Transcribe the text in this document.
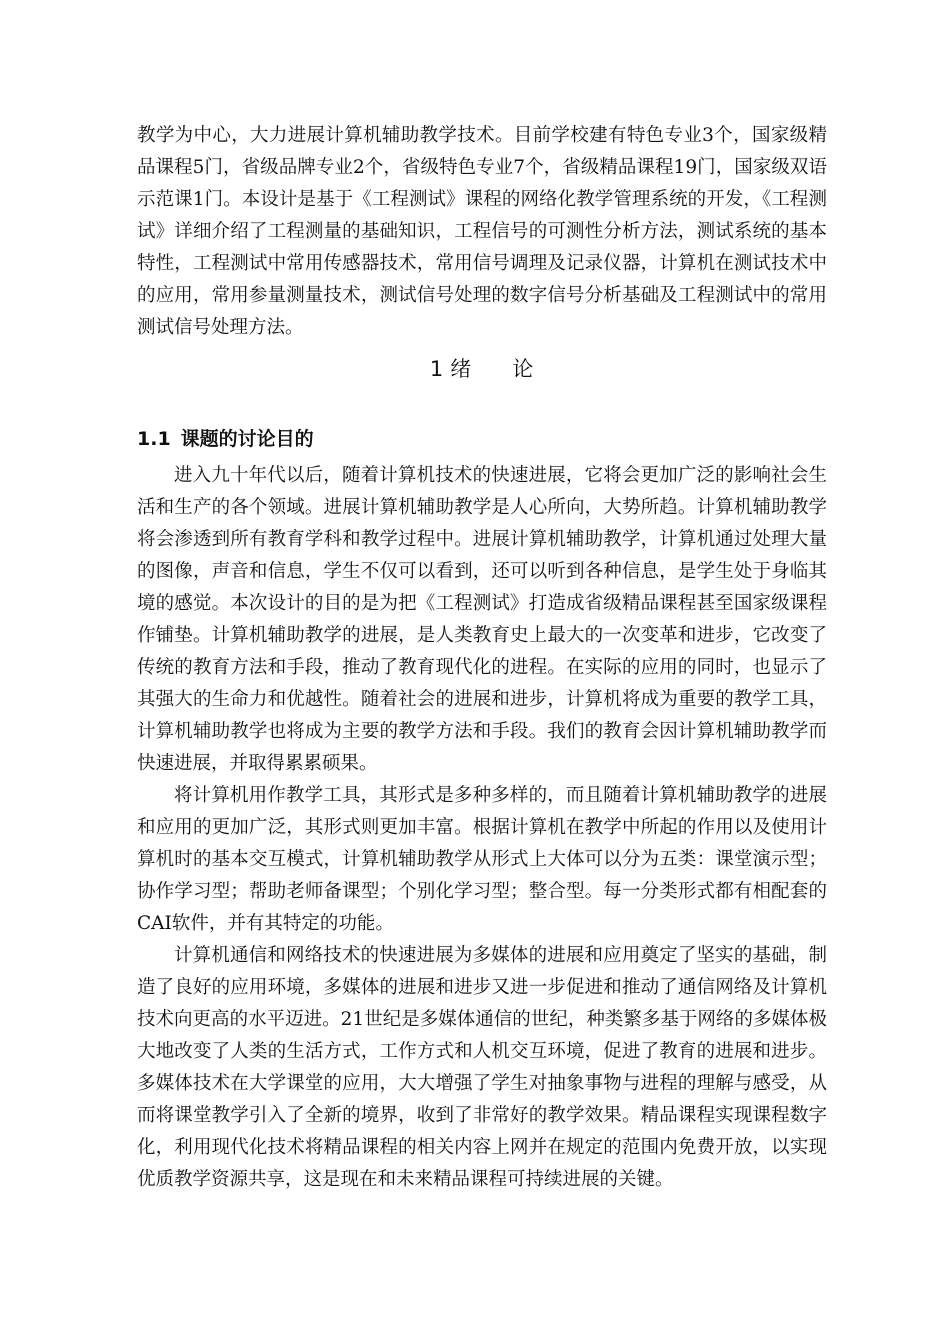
教学为中心，大力进展计算机辅助教学技术。目前学校建有特色专业3个，国家级精品课程5门，省级品牌专业2个，省级特色专业7个，省级精品课程19门，国家级双语示范课1门。本设计是基于《工程测试》课程的网络化教学管理系统的开发，《工程测试》详细介绍了工程测量的基础知识，工程信号的可测性分析方法，测试系统的基本特性，工程测试中常用传感器技术，常用信号调理及记录仪器，计算机在测试技术中的应用，常用参量测量技术，测试信号处理的数字信号分析基础及工程测试中的常用测试信号处理方法。

1 绪 论
1.1 课题的讨论目的

进入九十年代以后，随着计算机技术的快速进展，它将会更加广泛的影响社会生活和生产的各个领域。进展计算机辅助教学是人心所向，大势所趋。计算机辅助教学将会渗透到所有教育学科和教学过程中。进展计算机辅助教学，计算机通过处理大量的图像，声音和信息，学生不仅可以看到，还可以听到各种信息，是学生处于身临其境的感觉。本次设计的目的是为把《工程测试》打造成省级精品课程甚至国家级课程作铺垫。计算机辅助教学的进展，是人类教育史上最大的一次变革和进步，它改变了传统的教育方法和手段，推动了教育现代化的进程。在实际的应用的同时，也显示了其强大的生命力和优越性。随着社会的进展和进步，计算机将成为重要的教学工具，计算机辅助教学也将成为主要的教学方法和手段。我们的教育会因计算机辅助教学而快速进展，并取得累累硕果。

将计算机用作教学工具，其形式是多种多样的，而且随着计算机辅助教学的进展和应用的更加广泛，其形式则更加丰富。根据计算机在教学中所起的作用以及使用计算机时的基本交互模式，计算机辅助教学从形式上大体可以分为五类：课堂演示型；协作学习型；帮助老师备课型；个别化学习型；整合型。每一分类形式都有相配套的CAI软件，并有其特定的功能。

计算机通信和网络技术的快速进展为多媒体的进展和应用奠定了坚实的基础，制造了良好的应用环境，多媒体的进展和进步又进一步促进和推动了通信网络及计算机技术向更高的水平迈进。21世纪是多媒体通信的世纪，种类繁多基于网络的多媒体极大地改变了人类的生活方式，工作方式和人机交互环境，促进了教育的进展和进步。多媒体技术在大学课堂的应用，大大增强了学生对抽象事物与进程的理解与感受，从而将课堂教学引入了全新的境界，收到了非常好的教学效果。精品课程实现课程数字化，利用现代化技术将精品课程的相关内容上网并在规定的范围内免费开放，以实现优质教学资源共享，这是现在和未来精品课程可持续进展的关键。
